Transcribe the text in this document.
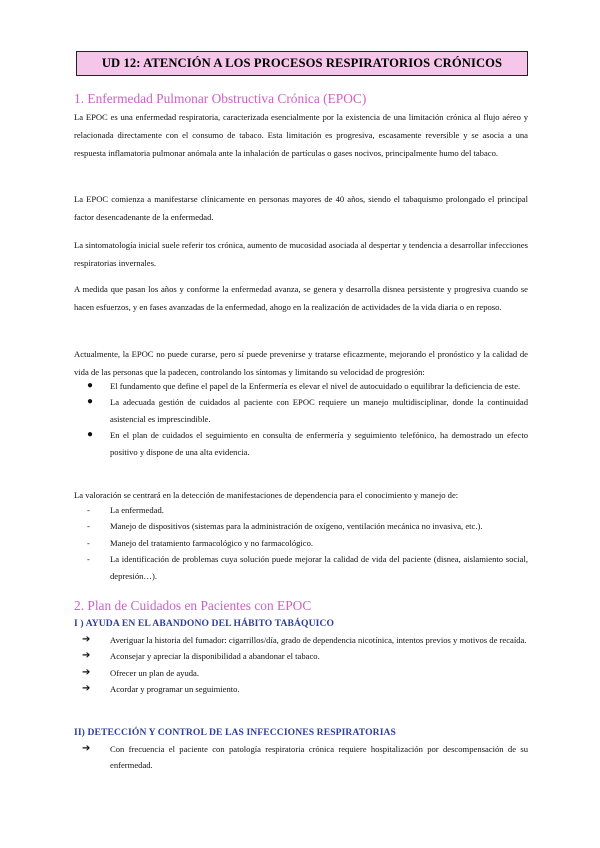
UD 12: ATENCIÓN A LOS PROCESOS RESPIRATORIOS CRÓNICOS
1. Enfermedad Pulmonar Obstructiva Crónica (EPOC)

La EPOC es una enfermedad respiratoria, caracterizada esencialmente por la existencia de una limitación crónica al flujo aéreo y relacionada directamente con el consumo de tabaco. Esta limitación es progresiva, escasamente reversible y se asocia a una respuesta inflamatoria pulmonar anómala ante la inhalación de partículas o gases nocivos, principalmente humo del tabaco.

La EPOC comienza a manifestarse clínicamente en personas mayores de 40 años, siendo el tabaquismo prolongado el principal factor desencadenante de la enfermedad.

La sintomatología inicial suele referir tos crónica, aumento de mucosidad asociada al despertar y tendencia a desarrollar infecciones respiratorias invernales.

A medida que pasan los años y conforme la enfermedad avanza, se genera y desarrolla disnea persistente y progresiva cuando se hacen esfuerzos, y en fases avanzadas de la enfermedad, ahogo en la realización de actividades de la vida diaria o en reposo.

Actualmente, la EPOC no puede curarse, pero sí puede prevenirse y tratarse eficazmente, mejorando el pronóstico y la calidad de vida de las personas que la padecen, controlando los síntomas y limitando su velocidad de progresión:

● El fundamento que define el papel de la Enfermería es elevar el nivel de autocuidado o equilibrar la deficiencia de este.
● La adecuada gestión de cuidados al paciente con EPOC requiere un manejo multidisciplinar, donde la continuidad asistencial es imprescindible.
● En el plan de cuidados el seguimiento en consulta de enfermería y seguimiento telefónico, ha demostrado un efecto positivo y dispone de una alta evidencia.

La valoración se centrará en la detección de manifestaciones de dependencia para el conocimiento y manejo de:

- La enfermedad.
- Manejo de dispositivos (sistemas para la administración de oxígeno, ventilación mecánica no invasiva, etc.).
- Manejo del tratamiento farmacológico y no farmacológico.
- La identificación de problemas cuya solución puede mejorar la calidad de vida del paciente (disnea, aislamiento social, depresión…).
2. Plan de Cuidados en Pacientes con EPOC
I ) AYUDA EN EL ABANDONO DEL HÁBITO TABÁQUICO
➔ Averiguar la historia del fumador: cigarrillos/día, grado de dependencia nicotínica, intentos previos y motivos de recaída.
➔ Aconsejar y apreciar la disponibilidad a abandonar el tabaco.
➔ Ofrecer un plan de ayuda.
➔ Acordar y programar un seguimiento.
II) DETECCIÓN Y CONTROL DE LAS INFECCIONES RESPIRATORIAS
➔ Con frecuencia el paciente con patología respiratoria crónica requiere hospitalización por descompensación de su enfermedad.
